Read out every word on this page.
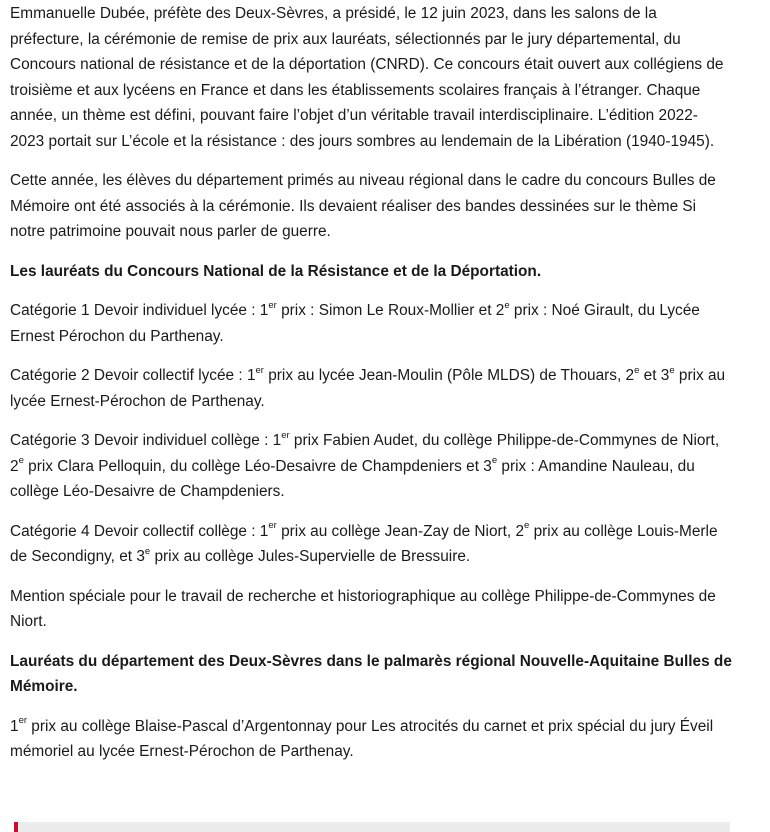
Emmanuelle Dubée, préfète des Deux-Sèvres, a présidé, le 12 juin 2023, dans les salons de la préfecture, la cérémonie de remise de prix aux lauréats, sélectionnés par le jury départemental, du Concours national de résistance et de la déportation (CNRD). Ce concours était ouvert aux collégiens de troisième et aux lycéens en France et dans les établissements scolaires français à l’étranger. Chaque année, un thème est défini, pouvant faire l’objet d’un véritable travail interdisciplinaire. L’édition 2022-2023 portait sur L’école et la résistance : des jours sombres au lendemain de la Libération (1940-1945).

Cette année, les élèves du département primés au niveau régional dans le cadre du concours Bulles de Mémoire ont été associés à la cérémonie. Ils devaient réaliser des bandes dessinées sur le thème Si notre patrimoine pouvait nous parler de guerre.

Les lauréats du Concours National de la Résistance et de la Déportation.

Catégorie 1 Devoir individuel lycée : 1er prix : Simon Le Roux-Mollier et 2e prix : Noé Girault, du Lycée Ernest Pérochon du Parthenay.

Catégorie 2 Devoir collectif lycée : 1er prix au lycée Jean-Moulin (Pôle MLDS) de Thouars, 2e et 3e prix au lycée Ernest-Pérochon de Parthenay.

Catégorie 3 Devoir individuel collège : 1er prix Fabien Audet, du collège Philippe-de-Commynes de Niort, 2e prix Clara Pelloquin, du collège Léo-Desaivre de Champdeniers et 3e prix : Amandine Nauleau, du collège Léo-Desaivre de Champdeniers.

Catégorie 4 Devoir collectif collège : 1er prix au collège Jean-Zay de Niort, 2e prix au collège Louis-Merle de Secondigny, et 3e prix au collège Jules-Supervielle de Bressuire.

Mention spéciale pour le travail de recherche et historiographique au collège Philippe-de-Commynes de Niort.

Lauréats du département des Deux-Sèvres dans le palmarès régional Nouvelle-Aquitaine Bulles de Mémoire.

1er prix au collège Blaise-Pascal d’Argentonnay pour Les atrocités du carnet et prix spécial du jury Éveil mémoriel au lycée Ernest-Pérochon de Parthenay.
